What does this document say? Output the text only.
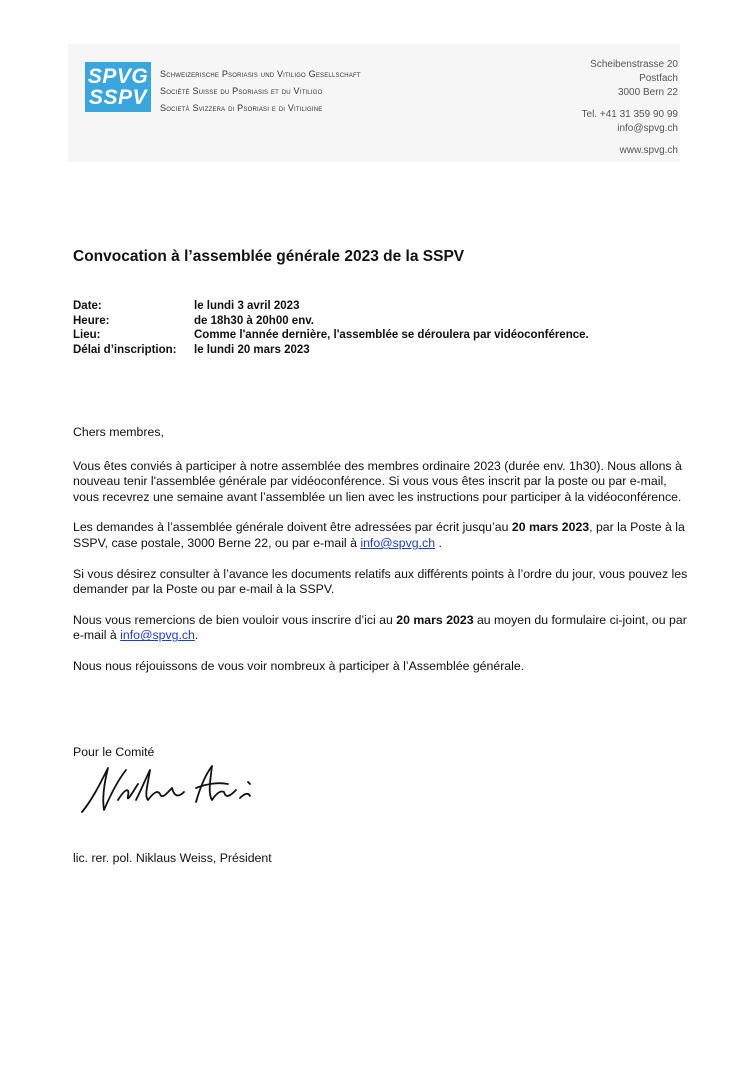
SPVG
SSPV
Schweizerische Psoriasis und Vitiligo Gesellschaft
Société Suisse du Psoriasis et du Vitiligo
Società Svizzera di Psoriasi e di Vitiligine
Scheibenstrasse 20
Postfach
3000 Bern 22
Tel. +41 31 359 90 99
info@spvg.ch
www.spvg.ch
Convocation à l’assemblée générale 2023 de la SSPV
Date:	le lundi 3 avril 2023
Heure:	de 18h30 à 20h00 env.
Lieu:	Comme l'année dernière, l'assemblée se déroulera par vidéoconférence.
Délai d’inscription:	le lundi 20 mars 2023

Chers membres,

Vous êtes conviés à participer à notre assemblée des membres ordinaire 2023 (durée env. 1h30). Nous allons à nouveau tenir l'assemblée générale par vidéoconférence. Si vous vous êtes inscrit par la poste ou par e-mail, vous recevrez une semaine avant l’assemblée un lien avec les instructions pour participer à la vidéoconférence.

Les demandes à l’assemblée générale doivent être adressées par écrit jusqu’au 20 mars 2023, par la Poste à la SSPV, case postale, 3000 Berne 22, ou par e-mail à info@spvg.ch .

Si vous désirez consulter à l’avance les documents relatifs aux différents points à l’ordre du jour, vous pouvez les demander par la Poste ou par e-mail à la SSPV.

Nous vous remercions de bien vouloir vous inscrire d’ici au 20 mars 2023 au moyen du formulaire ci-joint, ou par e-mail à info@spvg.ch.

Nous nous réjouissons de vous voir nombreux à participer à l’Assemblée générale.

Pour le Comité
lic. rer. pol. Niklaus Weiss, Président
